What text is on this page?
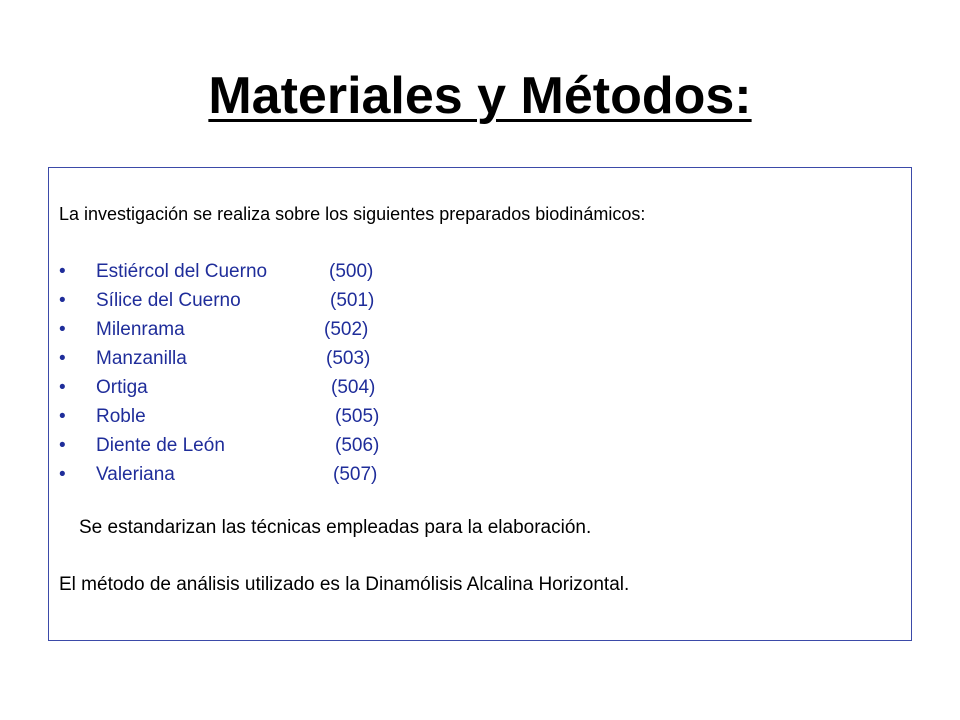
Materiales y Métodos:
La investigación se realiza sobre los siguientes preparados biodinámicos:
•	Estiércol del Cuerno	(500)
•	Sílice del Cuerno	(501)
•	Milenrama	(502)
•	Manzanilla	(503)
•	Ortiga	(504)
•	Roble	(505)
•	Diente de León	(506)
•	Valeriana	(507)
Se estandarizan las técnicas empleadas para la elaboración.
El método de análisis utilizado es la Dinamólisis Alcalina Horizontal.
